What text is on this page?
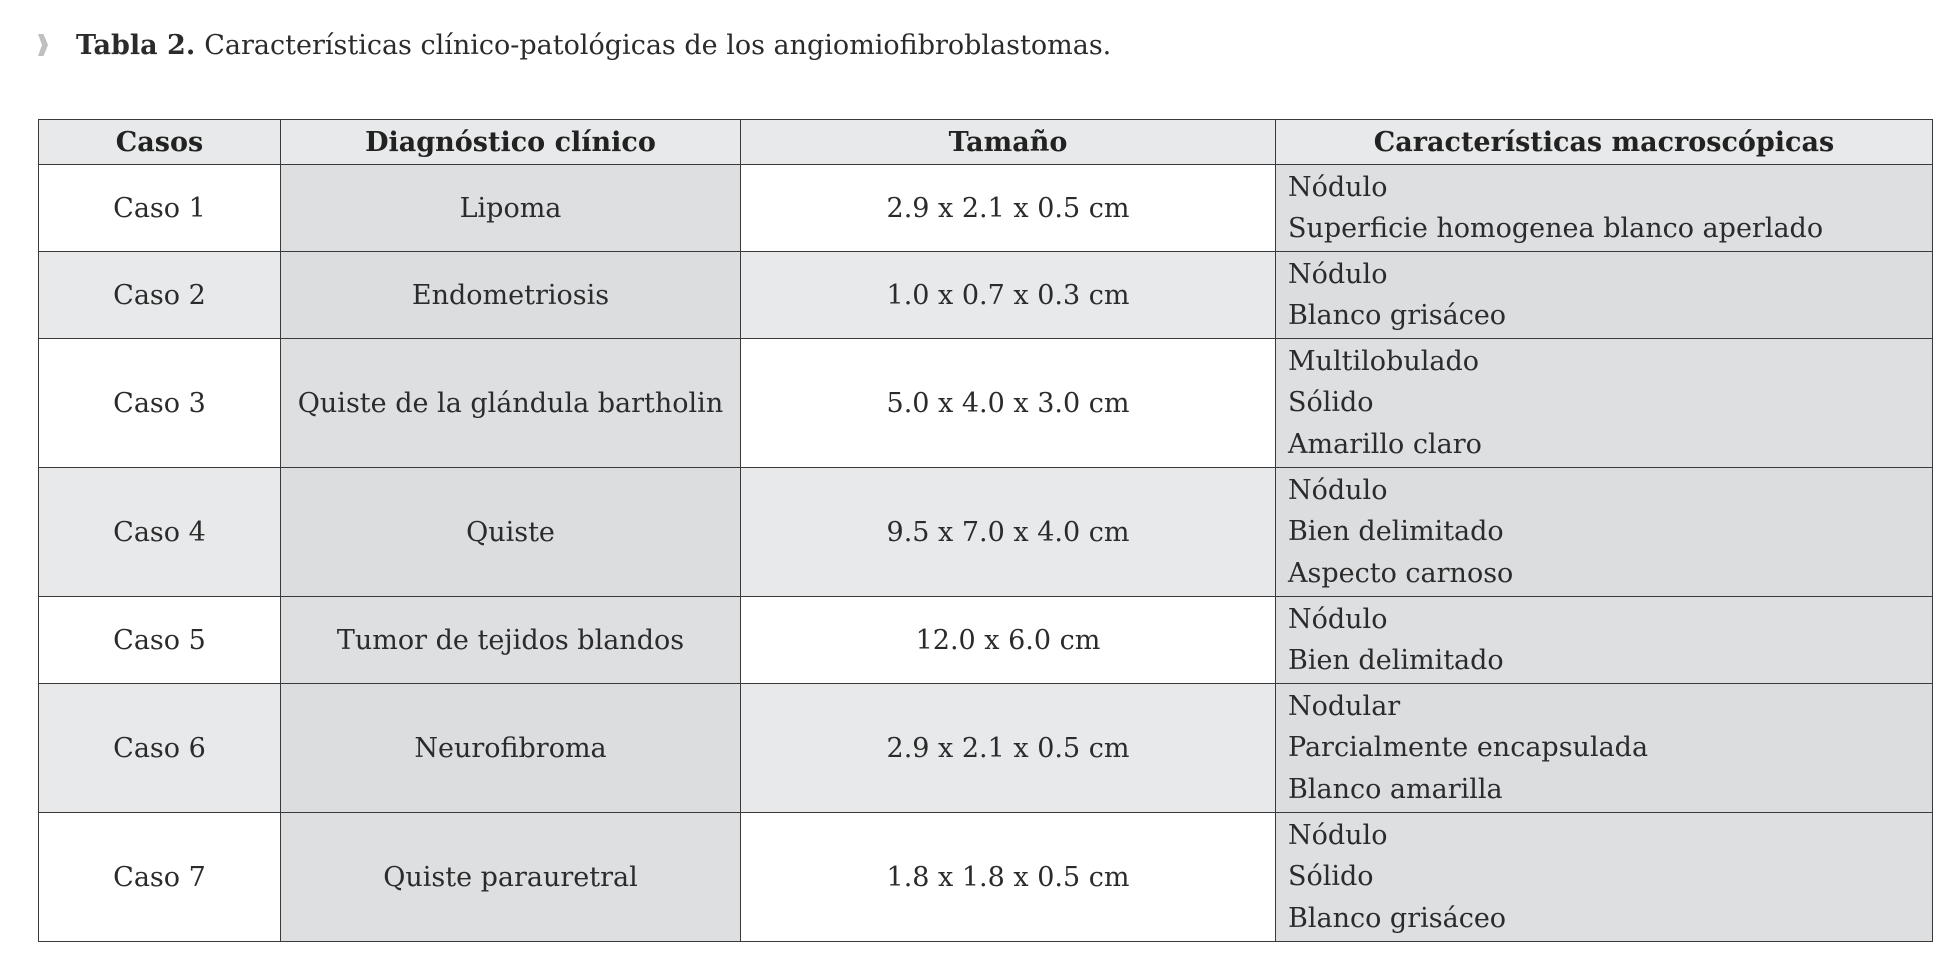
Tabla 2. Características clínico-patológicas de los angiomiofibroblastomas.
Casos	Diagnóstico clínico	Tamaño	Características macroscópicas
Caso 1	Lipoma	2.9 x 2.1 x 0.5 cm	Nódulo
Superficie homogenea blanco aperlado

Caso 2	Endometriosis	1.0 x 0.7 x 0.3 cm	Nódulo
Blanco grisáceo

Caso 3	Quiste de la glándula bartholin	5.0 x 4.0 x 3.0 cm	Multilobulado
Sólido
Amarillo claro

Caso 4	Quiste	9.5 x 7.0 x 4.0 cm	Nódulo
Bien delimitado
Aspecto carnoso

Caso 5	Tumor de tejidos blandos	12.0 x 6.0 cm	Nódulo
Bien delimitado

Caso 6	Neurofibroma	2.9 x 2.1 x 0.5 cm	Nodular
Parcialmente encapsulada
Blanco amarilla

Caso 7	Quiste parauretral	1.8 x 1.8 x 0.5 cm	Nódulo
Sólido
Blanco grisáceo
